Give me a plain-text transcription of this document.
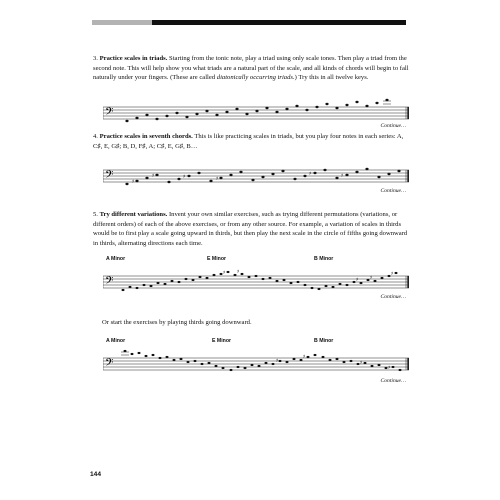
3. Practice scales in triads. Starting from the tonic note, play a triad using only scale tones. Then play a triad from the second note. This will help show you what triads are a natural part of the scale, and all kinds of chords will begin to fall naturally under your fingers. (These are called diatonically occurring triads.) Try this in all twelve keys.
𝄢
Continue…
4. Practice scales in seventh chords. This is like practicing scales in triads, but you play four notes in each series: A, C♯, E, G♯; B, D, F♯, A; C♯, E, G♯, B…
𝄢	♯
♯	♯	♯
♯	♯
Continue…
5. Try different variations. Invent your own similar exercises, such as trying different permutations (variations, or different orders) of each of the above exercises, or from any other source. For example, a variation of scales in thirds would be to first play a scale going upward in thirds, but then play the next scale in the circle of fifths going downward in thirds, alternating directions each time.
A Minor	E Minor	B Minor
𝄢
♯ ♯
♯ ♯
♯
Continue…
Or start the exercises by playing thirds going downward.
A Minor	E Minor	B Minor
𝄢	♯
♯
♯
♯
Continue…
144
